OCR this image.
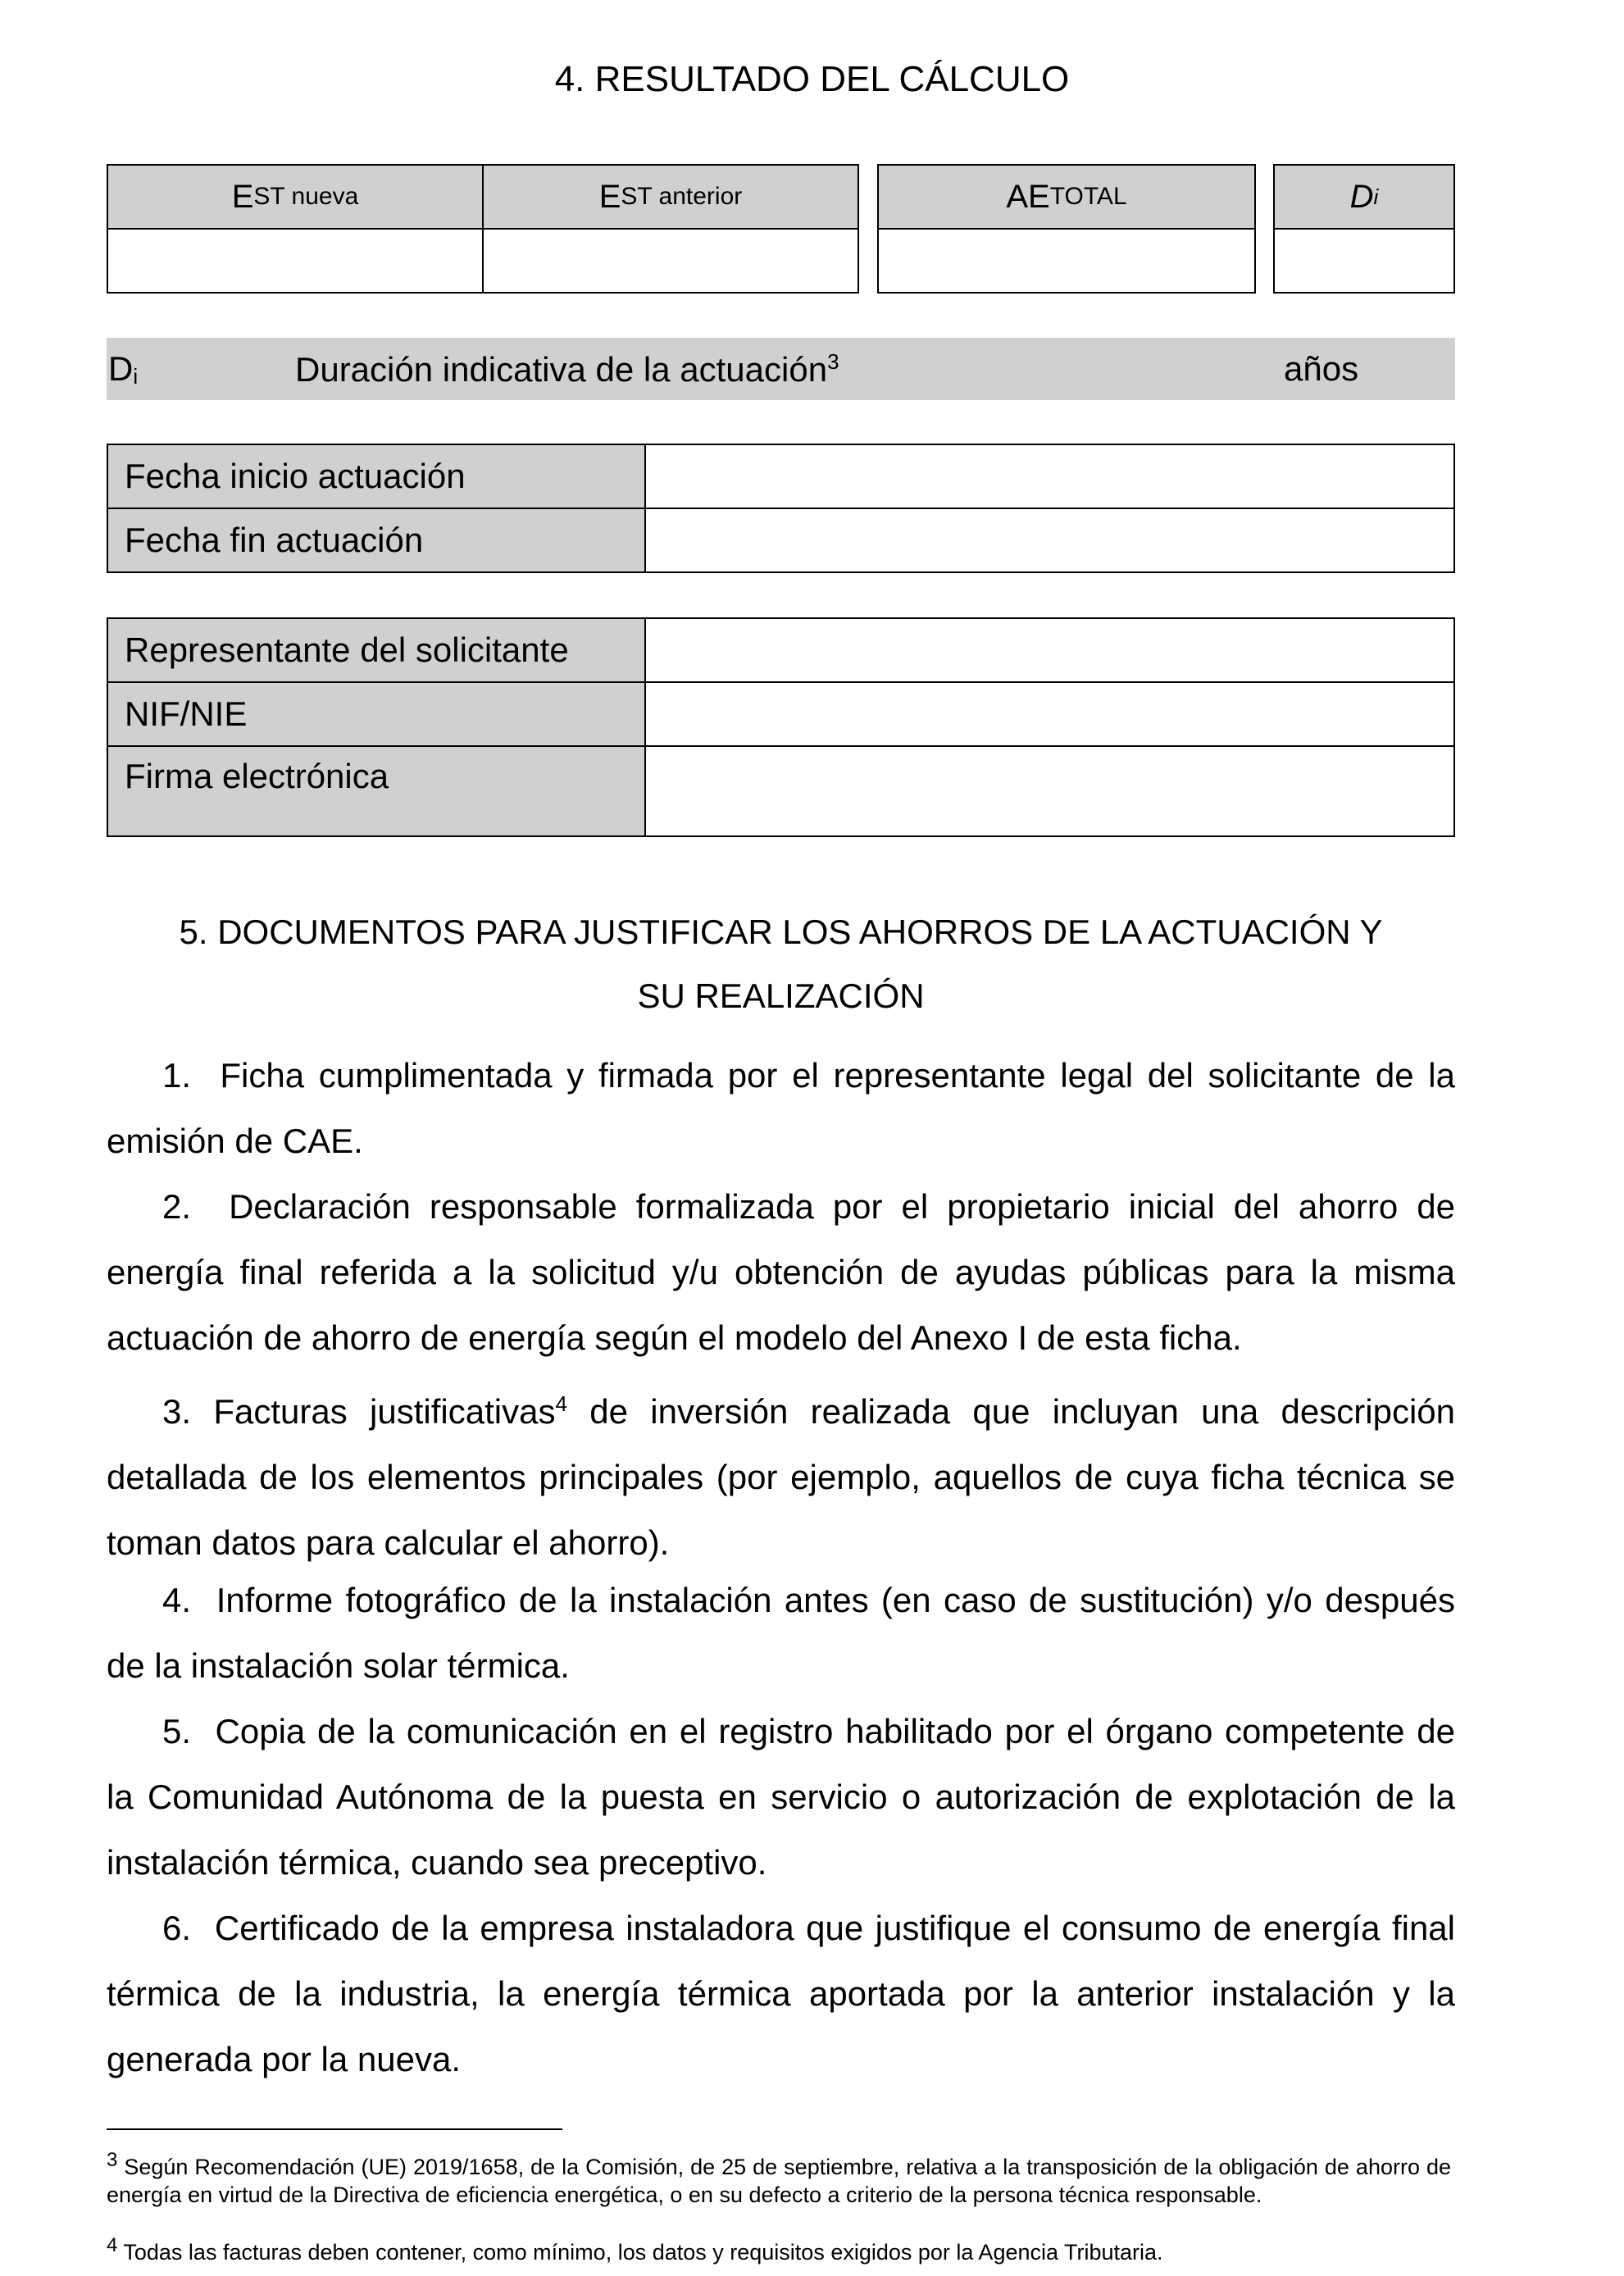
4. RESULTADO DEL CÁLCULO
E ST nueva	E ST anterior	AE TOTAL	D i
$D_i$	Duración indicativa de la actuación$^3$	años
Fecha inicio actuación
Fecha fin actuación
Representante del solicitante
NIF/NIE
Firma electrónica
5. DOCUMENTOS PARA JUSTIFICAR LOS AHORROS DE LA ACTUACIÓN Y
SU REALIZACIÓN
1. Ficha cumplimentada y firmada por el representante legal del solicitante de la emisión de CAE.
2. Declaración responsable formalizada por el propietario inicial del ahorro de energía final referida a la solicitud y/u obtención de ayudas públicas para la misma actuación de ahorro de energía según el modelo del Anexo I de esta ficha.
3. Facturas justificativas$^4$ de inversión realizada que incluyan una descripción detallada de los elementos principales (por ejemplo, aquellos de cuya ficha técnica se toman datos para calcular el ahorro).
4. Informe fotográfico de la instalación antes (en caso de sustitución) y/o después de la instalación solar térmica.
5. Copia de la comunicación en el registro habilitado por el órgano competente de la Comunidad Autónoma de la puesta en servicio o autorización de explotación de la instalación térmica, cuando sea preceptivo.
6. Certificado de la empresa instaladora que justifique el consumo de energía final térmica de la industria, la energía térmica aportada por la anterior instalación y la generada por la nueva.
$^3$ Según Recomendación (UE) 2019/1658, de la Comisión, de 25 de septiembre, relativa a la transposición de la obligación de ahorro de energía en virtud de la Directiva de eficiencia energética, o en su defecto a criterio de la persona técnica responsable.
$^4$ Todas las facturas deben contener, como mínimo, los datos y requisitos exigidos por la Agencia Tributaria.
